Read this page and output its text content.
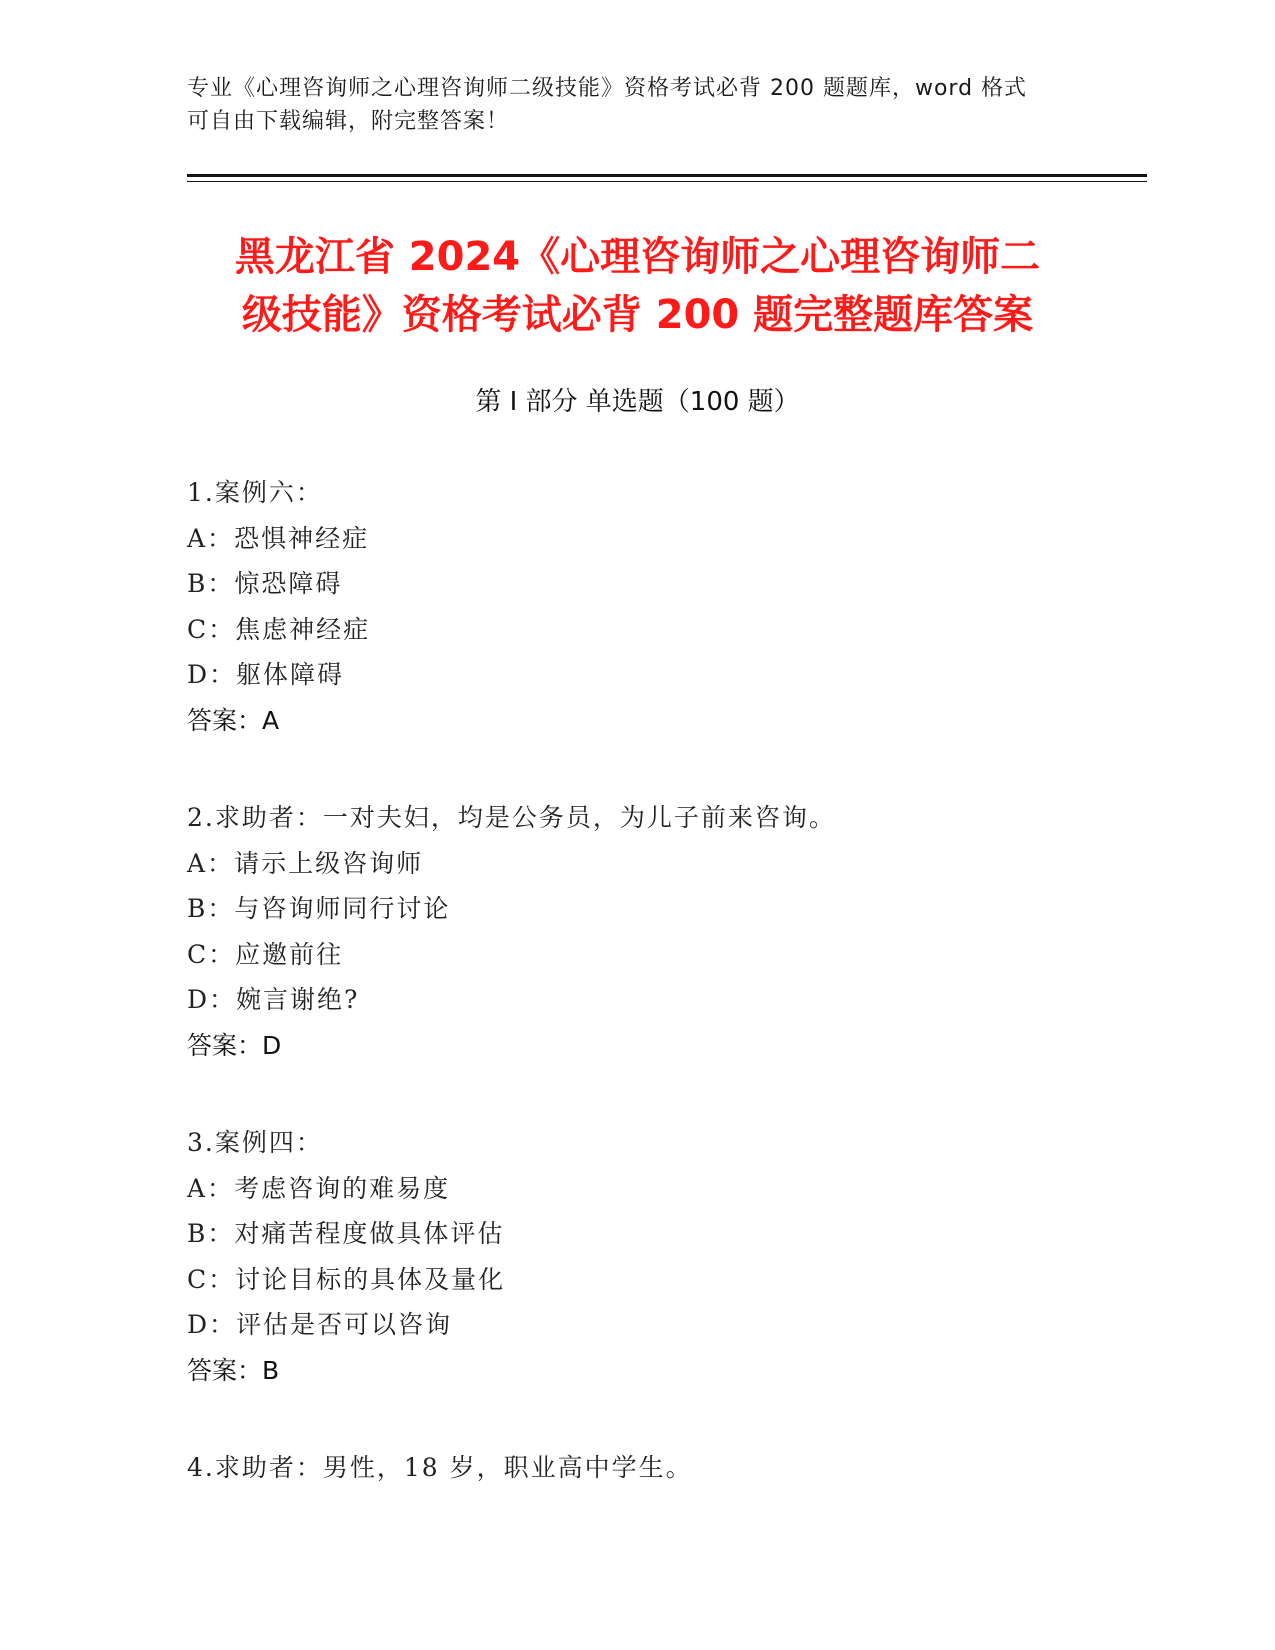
专业《心理咨询师之心理咨询师二级技能》资格考试必背 200 题题库，word 格式

可自由下载编辑，附完整答案！

黑龙江省 2024《心理咨询师之心理咨询师二

级技能》资格考试必背 200 题完整题库答案

第 I 部分 单选题（100 题）
1.案例六：
A：恐惧神经症
B：惊恐障碍
C：焦虑神经症
D：躯体障碍
答案：A
2.求助者：一对夫妇，均是公务员，为儿子前来咨询。
A：请示上级咨询师
B：与咨询师同行讨论
C：应邀前往
D：婉言谢绝?
答案：D
3.案例四：
A：考虑咨询的难易度
B：对痛苦程度做具体评估
C：讨论目标的具体及量化
D：评估是否可以咨询
答案：B
4.求助者：男性，18 岁，职业高中学生。
